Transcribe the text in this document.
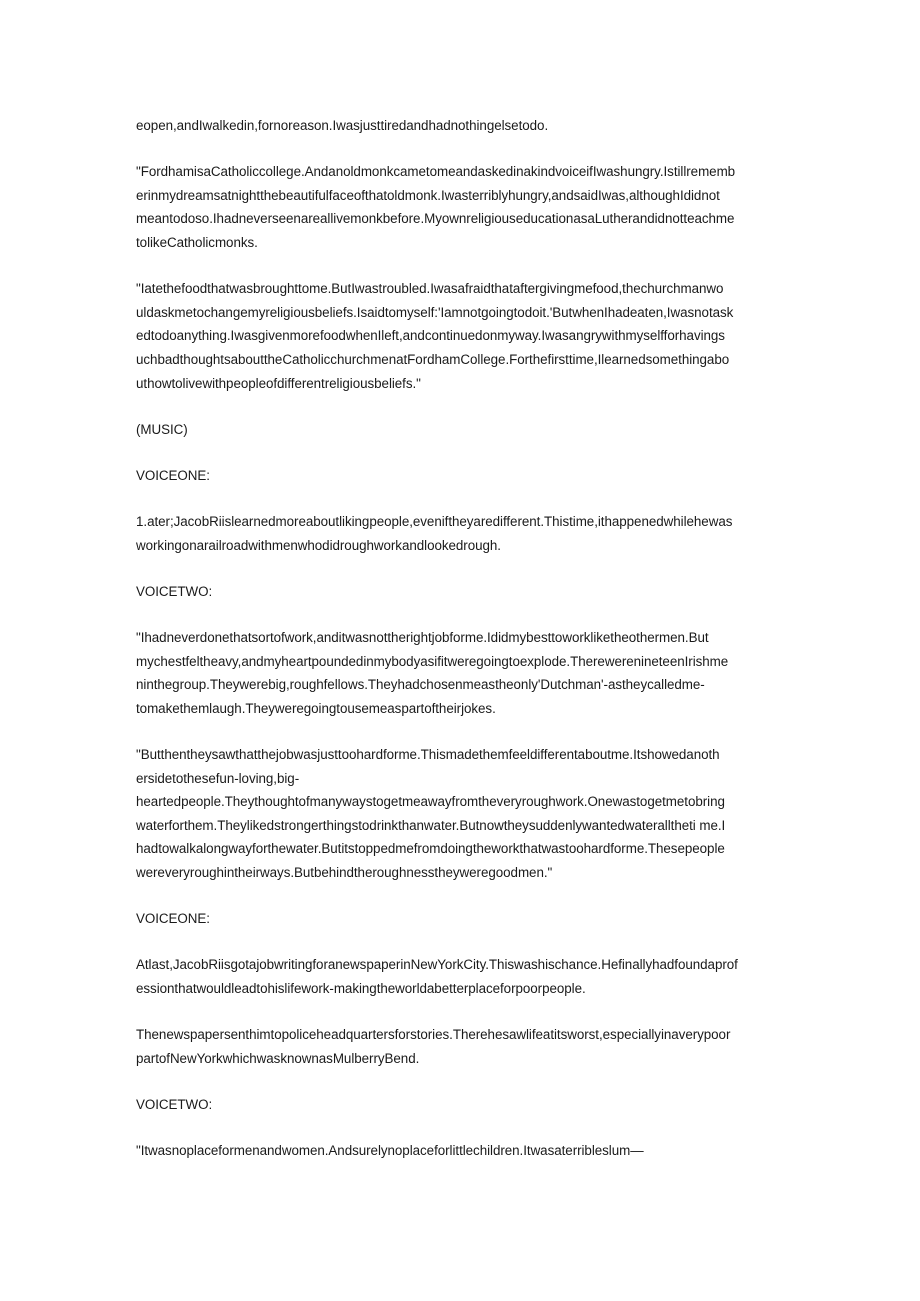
eopen,andIwalkedin,fornoreason.Iwasjusttiredandhadnothingelsetodo.

"FordhamisaCatholiccollege.AndanoldmonkcametomeandaskedinakindvoiceifIwashungry.Istillrememb
erinmydreamsatnightthebeautifulfaceofthatoldmonk.Iwasterriblyhungry,andsaidIwas,althoughIdidnot
meantodoso.Ihadneverseenareallivemonkbefore.MyownreligiouseducationasaLutherandidnotteachme
tolikeCatholicmonks.

"Iatethefoodthatwasbroughttome.ButIwastroubled.Iwasafraidthataftergivingmefood,thechurchmanwo
uldaskmetochangemyreligiousbeliefs.Isaidtomyself:'Iamnotgoingtodoit.'ButwhenIhadeaten,Iwasnotask
edtodoanything.IwasgivenmorefoodwhenIleft,andcontinuedonmyway.Iwasangrywithmyselfforhavings
uchbadthoughtsabouttheCatholicchurchmenatFordhamCollege.Forthefirsttime,Ilearnedsomethingabo
uthowtolivewithpeopleofdifferentreligiousbeliefs."

(MUSIC)

VOICEONE:

1.ater;JacobRiislearnedmoreaboutlikingpeople,eveniftheyaredifferent.Thistime,ithappenedwhilehewas
workingonarailroadwithmenwhodidroughworkandlookedrough.

VOICETWO:

"Ihadneverdonethatsortofwork,anditwasnottherightjobforme.Ididmybesttoworkliketheothermen.But
mychestfeltheavy,andmyheartpoundedinmybodyasifitweregoingtoexplode.TherewerenineteenIrishme
ninthegroup.Theywerebig,roughfellows.Theyhadchosenmeastheonly'Dutchman'-astheycalledme-
tomakethemlaugh.Theyweregoingtousemeaspartoftheirjokes.

"Butthentheysawthatthejobwasjusttoohardforme.Thismadethemfeeldifferentaboutme.Itshowedanoth
ersidetothesefun-loving,big-
heartedpeople.Theythoughtofmanywaystogetmeawayfromtheveryroughwork.Onewastogetmetobring
waterforthem.Theylikedstrongerthingstodrinkthanwater.Butnowtheysuddenlywantedwateralltheti me.I
hadtowalkalongwayforthewater.Butitstoppedmefromdoingtheworkthatwastoohardforme.Thesepeople
wereveryroughintheirways.Butbehindtheroughnesstheyweregoodmen."

VOICEONE:

Atlast,JacobRiisgotajobwritingforanewspaperinNewYorkCity.Thiswashischance.Hefinallyhadfoundaprof
essionthatwouldleadtohislifework-makingtheworldabetterplaceforpoorpeople.

Thenewspapersenthimtopoliceheadquartersforstories.Therehesawlifeatitsworst,especiallyinaverypoor
partofNewYorkwhichwasknownasMulberryBend.

VOICETWO:

"Itwasnoplaceformenandwomen.Andsurelynoplaceforlittlechildren.Itwasaterribleslum—
